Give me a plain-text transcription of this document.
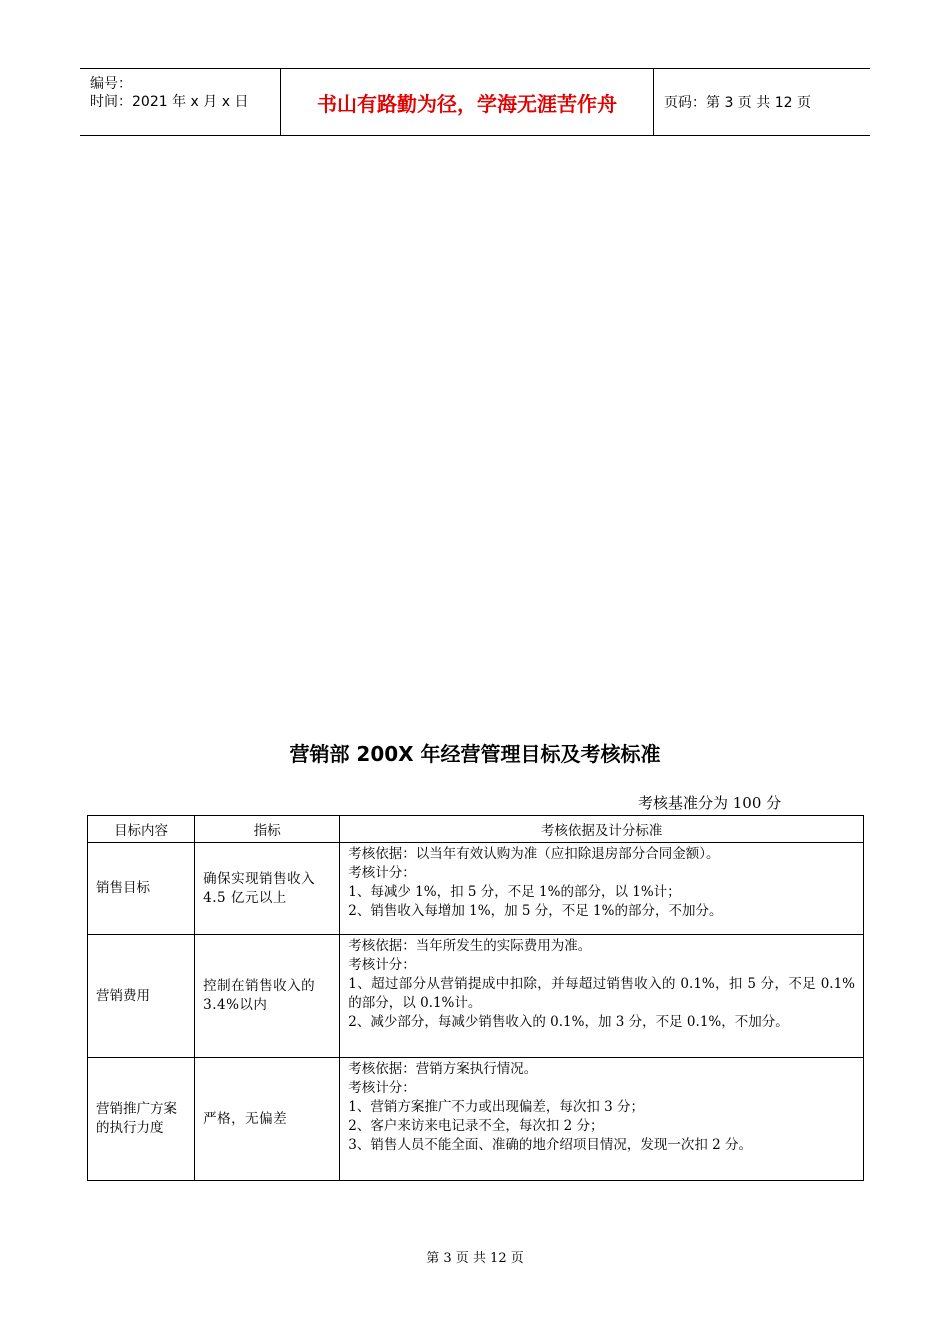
编号：
时间：2021 年 x 月 x 日	书山有路勤为径，学海无涯苦作舟	页码：第 3 页 共 12 页
营销部 200X 年经营管理目标及考核标准
考核基准分为 100 分
目标内容	指标	考核依据及计分标准
销售目标	确保实现销售收入 4.5 亿元以上	考核依据：以当年有效认购为准（应扣除退房部分合同金额）。
考核计分：
1、每减少 1%，扣 5 分，不足 1%的部分，以 1%计；
2、销售收入每增加 1%，加 5 分，不足 1%的部分，不加分。

营销费用	控制在销售收入的 3.4%以内	考核依据：当年所发生的实际费用为准。
考核计分：
1、超过部分从营销提成中扣除，并每超过销售收入的 0.1%，扣 5 分，不足 0.1%的部分，以 0.1%计。
2、减少部分，每减少销售收入的 0.1%，加 3 分，不足 0.1%，不加分。

营销推广方案的执行力度	严格，无偏差	考核依据：营销方案执行情况。
考核计分：
1、营销方案推广不力或出现偏差，每次扣 3 分；
2、客户来访来电记录不全，每次扣 2 分；
3、销售人员不能全面、准确的地介绍项目情况，发现一次扣 2 分。
第 3 页 共 12 页
